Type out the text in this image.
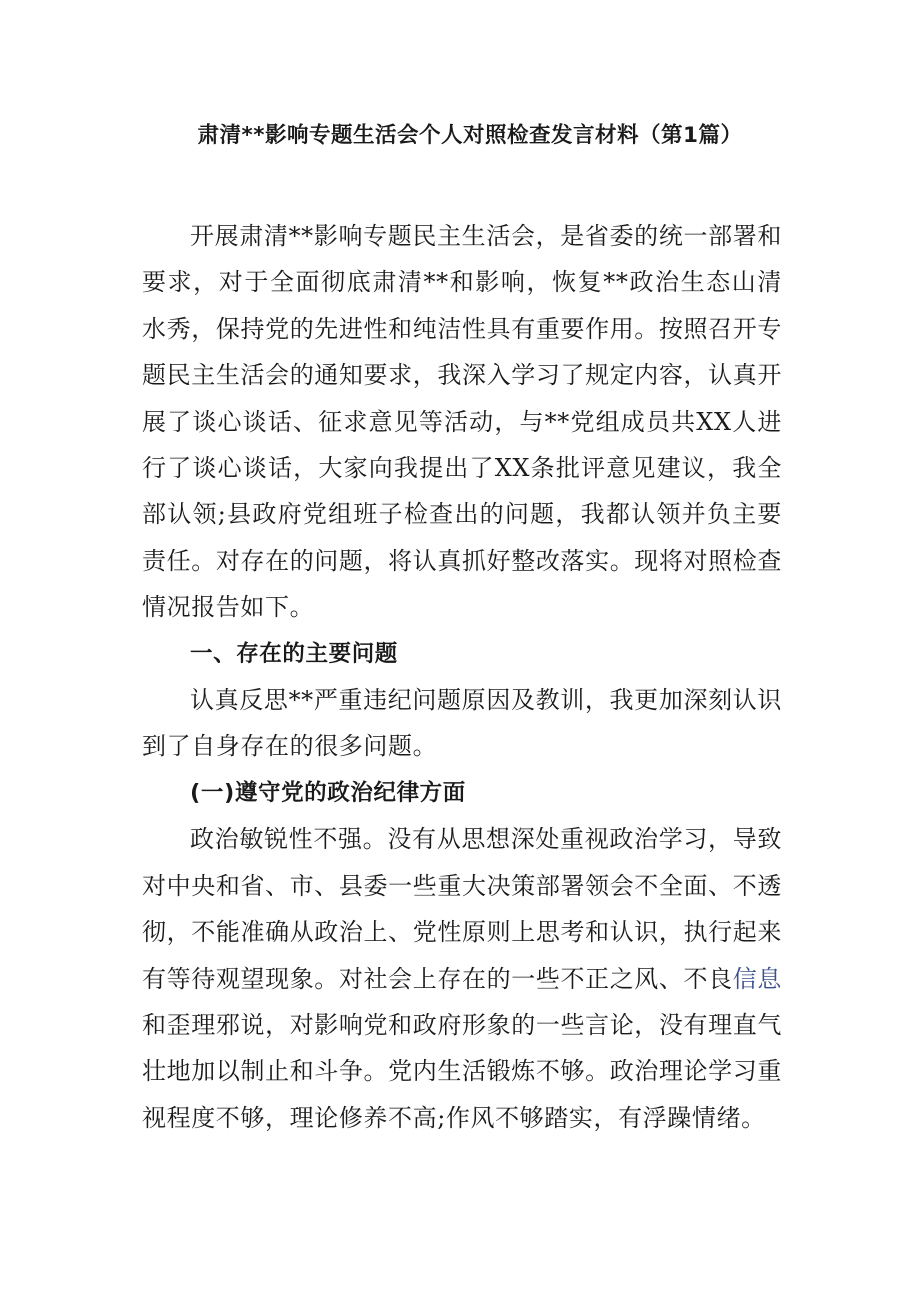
肃清**影响专题生活会个人对照检查发言材料（第1篇）

开展肃清**影响专题民主生活会，是省委的统一部署和要求，对于全面彻底肃清**和影响，恢复**政治生态山清水秀，保持党的先进性和纯洁性具有重要作用。按照召开专题民主生活会的通知要求，我深入学习了规定内容，认真开展了谈心谈话、征求意见等活动，与**党组成员共XX人进行了谈心谈话，大家向我提出了XX条批评意见建议，我全部认领;县政府党组班子检查出的问题，我都认领并负主要责任。对存在的问题，将认真抓好整改落实。现将对照检查情况报告如下。

一、存在的主要问题

认真反思**严重违纪问题原因及教训，我更加深刻认识到了自身存在的很多问题。

(一)遵守党的政治纪律方面

政治敏锐性不强。没有从思想深处重视政治学习，导致对中央和省、市、县委一些重大决策部署领会不全面、不透彻，不能准确从政治上、党性原则上思考和认识，执行起来有等待观望现象。对社会上存在的一些不正之风、不良信息和歪理邪说，对影响党和政府形象的一些言论，没有理直气壮地加以制止和斗争。党内生活锻炼不够。政治理论学习重视程度不够，理论修养不高;作风不够踏实，有浮躁情绪。
